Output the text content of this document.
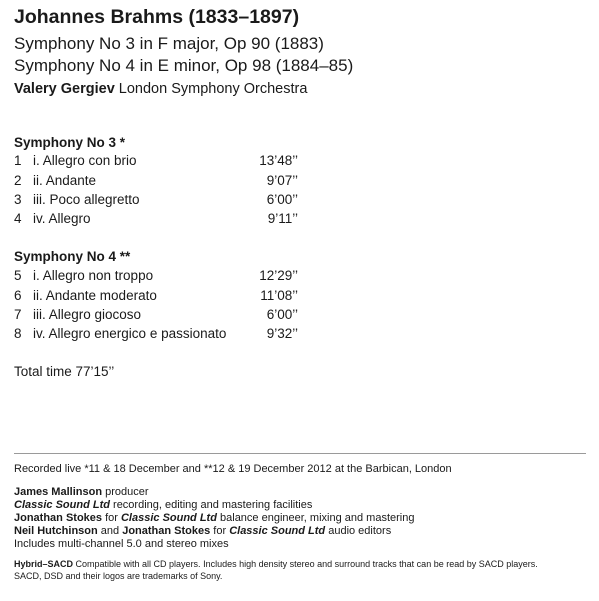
Johannes Brahms (1833–1897)
Symphony No 3 in F major, Op 90 (1883)
Symphony No 4 in E minor, Op 98 (1884–85)
Valery Gergiev London Symphony Orchestra
Symphony No 3 *
1 i. Allegro con brio	13’48’’
2 ii. Andante	9’07’’
3 iii. Poco allegretto	6’00’’
4 iv. Allegro	9’11’’
Symphony No 4 **
5 i. Allegro non troppo	12’29’’
6 ii. Andante moderato	11’08’’
7 iii. Allegro giocoso	6’00’’
8 iv. Allegro energico e passionato	9’32’’
Total time 77’15’’
Recorded live *11 & 18 December and **12 & 19 December 2012 at the Barbican, London
James Mallinson producer
Classic Sound Ltd recording, editing and mastering facilities
Jonathan Stokes for Classic Sound Ltd balance engineer, mixing and mastering
Neil Hutchinson and Jonathan Stokes for Classic Sound Ltd audio editors
Includes multi-channel 5.0 and stereo mixes
Hybrid–SACD Compatible with all CD players. Includes high density stereo and surround tracks that can be read by SACD players.
SACD, DSD and their logos are trademarks of Sony.
